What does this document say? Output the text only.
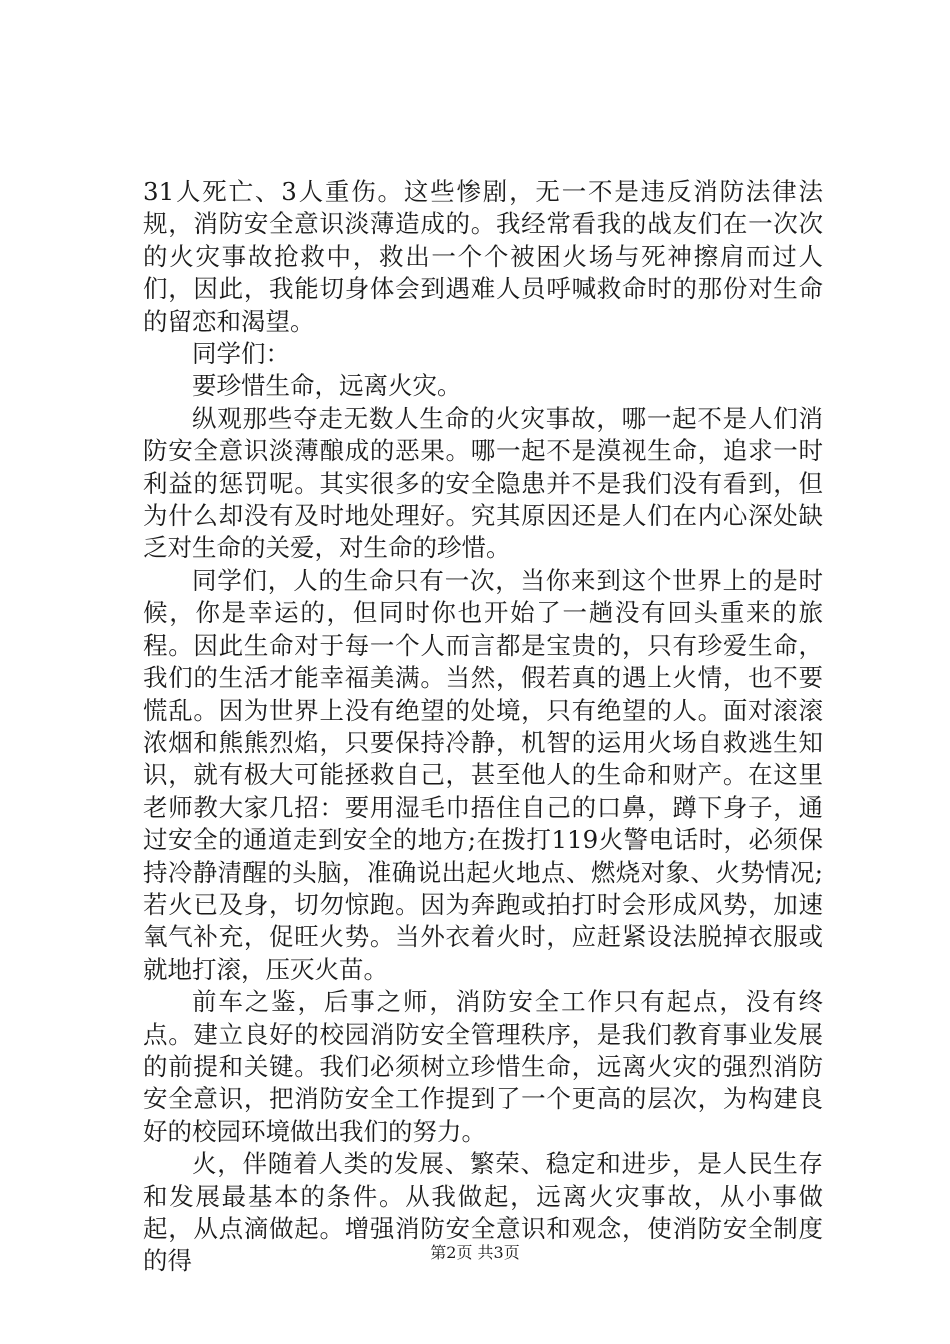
31人死亡、3人重伤。这些惨剧，无一不是违反消防法律法规，消防安全意识淡薄造成的。我经常看我的战友们在一次次的火灾事故抢救中，救出一个个被困火场与死神擦肩而过人们，因此，我能切身体会到遇难人员呼喊救命时的那份对生命的留恋和渴望。

同学们：

要珍惜生命，远离火灾。

纵观那些夺走无数人生命的火灾事故，哪一起不是人们消防安全意识淡薄酿成的恶果。哪一起不是漠视生命，追求一时利益的惩罚呢。其实很多的安全隐患并不是我们没有看到，但为什么却没有及时地处理好。究其原因还是人们在内心深处缺乏对生命的关爱，对生命的珍惜。

同学们，人的生命只有一次，当你来到这个世界上的是时候，你是幸运的，但同时你也开始了一趟没有回头重来的旅程。因此生命对于每一个人而言都是宝贵的，只有珍爱生命，我们的生活才能幸福美满。当然，假若真的遇上火情，也不要慌乱。因为世界上没有绝望的处境，只有绝望的人。面对滚滚浓烟和熊熊烈焰，只要保持冷静，机智的运用火场自救逃生知识，就有极大可能拯救自己，甚至他人的生命和财产。在这里老师教大家几招：要用湿毛巾捂住自己的口鼻，蹲下身子，通过安全的通道走到安全的地方;在拨打119火警电话时，必须保持冷静清醒的头脑，准确说出起火地点、燃烧对象、火势情况;若火已及身，切勿惊跑。因为奔跑或拍打时会形成风势，加速氧气补充，促旺火势。当外衣着火时，应赶紧设法脱掉衣服或就地打滚，压灭火苗。

前车之鉴，后事之师，消防安全工作只有起点，没有终点。建立良好的校园消防安全管理秩序，是我们教育事业发展的前提和关键。我们必须树立珍惜生命，远离火灾的强烈消防安全意识，把消防安全工作提到了一个更高的层次，为构建良好的校园环境做出我们的努力。

火，伴随着人类的发展、繁荣、稳定和进步，是人民生存和发展最基本的条件。从我做起，远离火灾事故，从小事做起，从点滴做起。增强消防安全意识和观念，使消防安全制度的得	第2页 共3页
